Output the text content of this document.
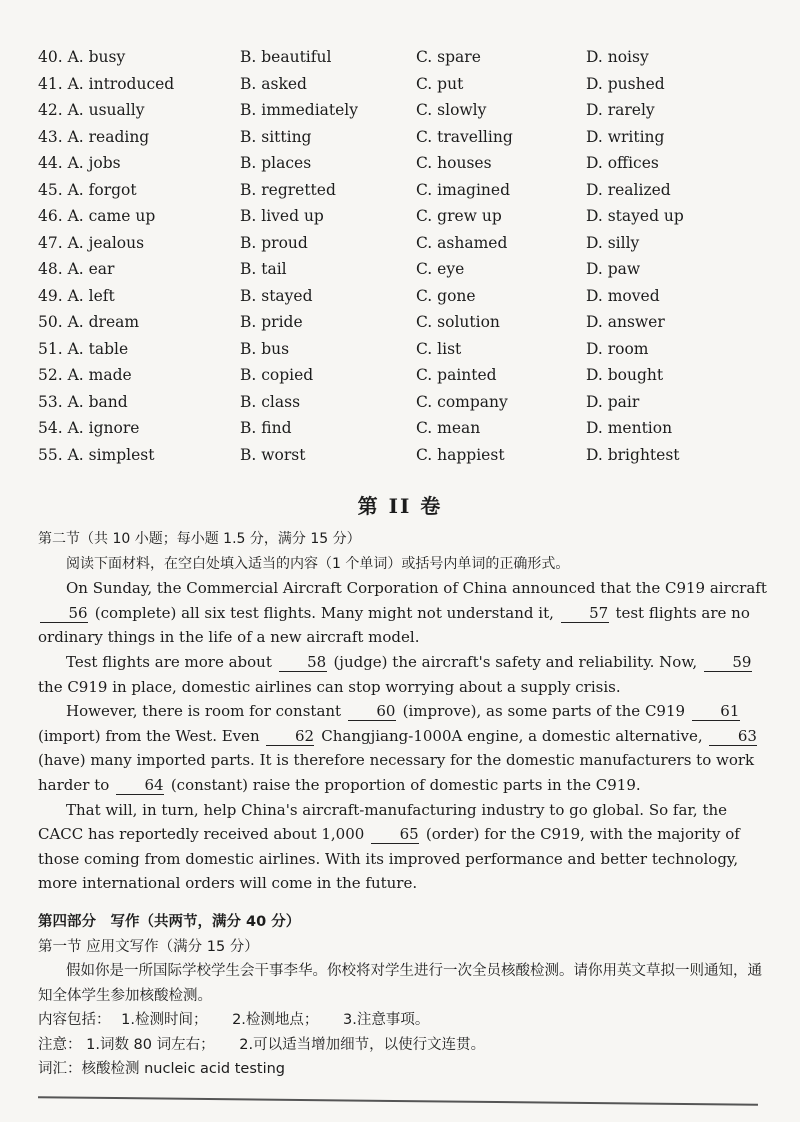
40. A. busy	B. beautiful	C. spare	D. noisy
41. A. introduced	B. asked	C. put	D. pushed
42. A. usually	B. immediately	C. slowly	D. rarely
43. A. reading	B. sitting	C. travelling	D. writing
44. A. jobs	B. places	C. houses	D. offices
45. A. forgot	B. regretted	C. imagined	D. realized
46. A. came up	B. lived up	C. grew up	D. stayed up
47. A. jealous	B. proud	C. ashamed	D. silly
48. A. ear	B. tail	C. eye	D. paw
49. A. left	B. stayed	C. gone	D. moved
50. A. dream	B. pride	C. solution	D. answer
51. A. table	B. bus	C. list	D. room
52. A. made	B. copied	C. painted	D. bought
53. A. band	B. class	C. company	D. pair
54. A. ignore	B. find	C. mean	D. mention
55. A. simplest	B. worst	C. happiest	D. brightest
第 II 卷

第二节（共 10 小题；每小题 1.5 分，满分 15 分）

阅读下面材料，在空白处填入适当的内容（1 个单词）或括号内单词的正确形式。

On Sunday, the Commercial Aircraft Corporation of China announced that the C919 aircraft 56 (complete) all six test flights. Many might not understand it, 57 test flights are no ordinary things in the life of a new aircraft model.

Test flights are more about 58 (judge) the aircraft's safety and reliability. Now, 59 the C919 in place, domestic airlines can stop worrying about a supply crisis.

However, there is room for constant 60 (improve), as some parts of the C919 61 (import) from the West. Even 62 Changjiang-1000A engine, a domestic alternative, 63 (have) many imported parts. It is therefore necessary for the domestic manufacturers to work harder to 64 (constant) raise the proportion of domestic parts in the C919.

That will, in turn, help China's aircraft-manufacturing industry to go global. So far, the CACC has reportedly received about 1,000 65 (order) for the C919, with the majority of those coming from domestic airlines. With its improved performance and better technology, more international orders will come in the future.

第四部分　写作（共两节，满分 40 分）

第一节 应用文写作（满分 15 分）

假如你是一所国际学校学生会干事李华。你校将对学生进行一次全员核酸检测。请你用英文草拟一则通知，通知全体学生参加核酸检测。

内容包括： 1.检测时间； 2.检测地点； 3.注意事项。

注意： 1.词数 80 词左右； 2.可以适当增加细节，以使行文连贯。

词汇：核酸检测 nucleic acid testing
